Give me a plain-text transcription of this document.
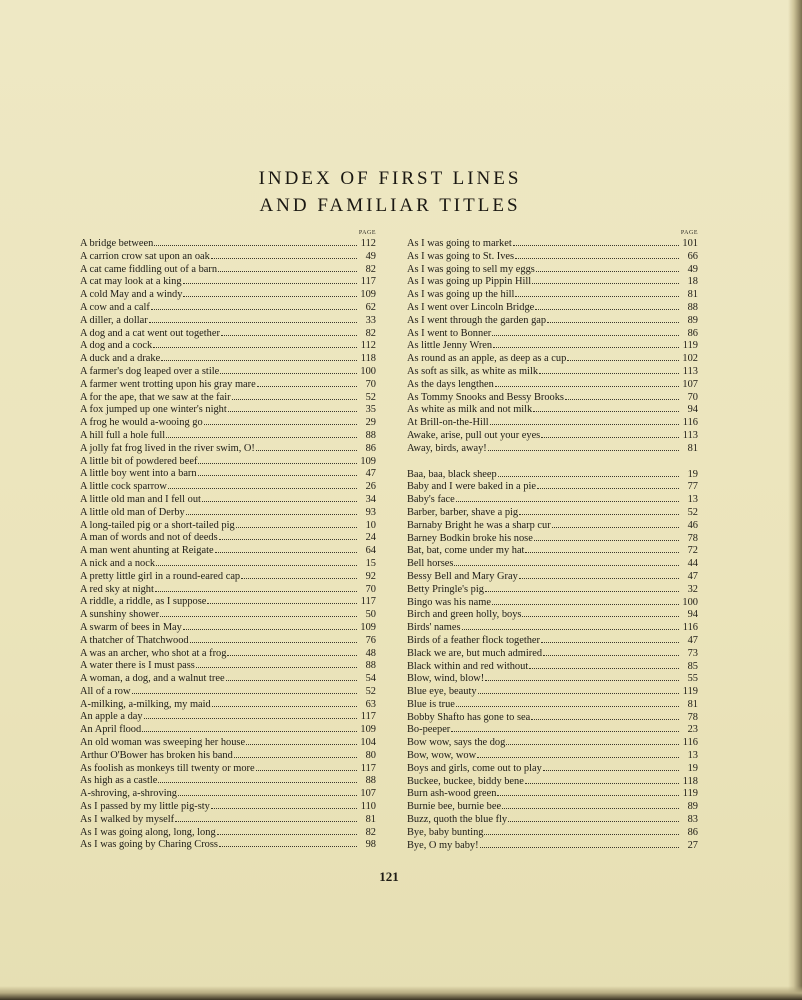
INDEX OF FIRST LINES
AND FAMILIAR TITLES
PAGE
A bridge between	112
A carrion crow sat upon an oak	49
A cat came fiddling out of a barn	82
A cat may look at a king	117
A cold May and a windy	109
A cow and a calf	62
A diller, a dollar	33
A dog and a cat went out together	82
A dog and a cock	112
A duck and a drake	118
A farmer's dog leaped over a stile	100
A farmer went trotting upon his gray mare	70
A for the ape, that we saw at the fair	52
A fox jumped up one winter's night	35
A frog he would a-wooing go	29
A hill full a hole full	88
A jolly fat frog lived in the river swim, O!	86
A little bit of powdered beef	109
A little boy went into a barn	47
A little cock sparrow	26
A little old man and I fell out	34
A little old man of Derby	93
A long-tailed pig or a short-tailed pig	10
A man of words and not of deeds	24
A man went ahunting at Reigate	64
A nick and a nock	15
A pretty little girl in a round-eared cap	92
A red sky at night	70
A riddle, a riddle, as I suppose	117
A sunshiny shower	50
A swarm of bees in May	109
A thatcher of Thatchwood	76
A was an archer, who shot at a frog	48
A water there is I must pass	88
A woman, a dog, and a walnut tree	54
All of a row	52
A-milking, a-milking, my maid	63
An apple a day	117
An April flood	109
An old woman was sweeping her house	104
Arthur O'Bower has broken his band	80
As foolish as monkeys till twenty or more	117
As high as a castle	88
A-shroving, a-shroving	107
As I passed by my little pig-sty	110
As I walked by myself	81
As I was going along, long, long	82
As I was going by Charing Cross	98
PAGE
As I was going to market	101
As I was going to St. Ives	66
As I was going to sell my eggs	49
As I was going up Pippin Hill	18
As I was going up the hill	81
As I went over Lincoln Bridge	88
As I went through the garden gap	89
As I went to Bonner	86
As little Jenny Wren	119
As round as an apple, as deep as a cup	102
As soft as silk, as white as milk	113
As the days lengthen	107
As Tommy Snooks and Bessy Brooks	70
As white as milk and not milk	94
At Brill-on-the-Hill	116
Awake, arise, pull out your eyes	113
Away, birds, away!	81
Baa, baa, black sheep	19
Baby and I were baked in a pie	77
Baby's face	13
Barber, barber, shave a pig	52
Barnaby Bright he was a sharp cur	46
Barney Bodkin broke his nose	78
Bat, bat, come under my hat	72
Bell horses	44
Bessy Bell and Mary Gray	47
Betty Pringle's pig	32
Bingo was his name	100
Birch and green holly, boys	94
Birds' names	116
Birds of a feather flock together	47
Black we are, but much admired	73
Black within and red without	85
Blow, wind, blow!	55
Blue eye, beauty	119
Blue is true	81
Bobby Shafto has gone to sea	78
Bo-peeper	23
Bow wow, says the dog	116
Bow, wow, wow	13
Boys and girls, come out to play	19
Buckee, buckee, biddy bene	118
Burn ash-wood green	119
Burnie bee, burnie bee	89
Buzz, quoth the blue fly	83
Bye, baby bunting	86
Bye, O my baby!	27
121
